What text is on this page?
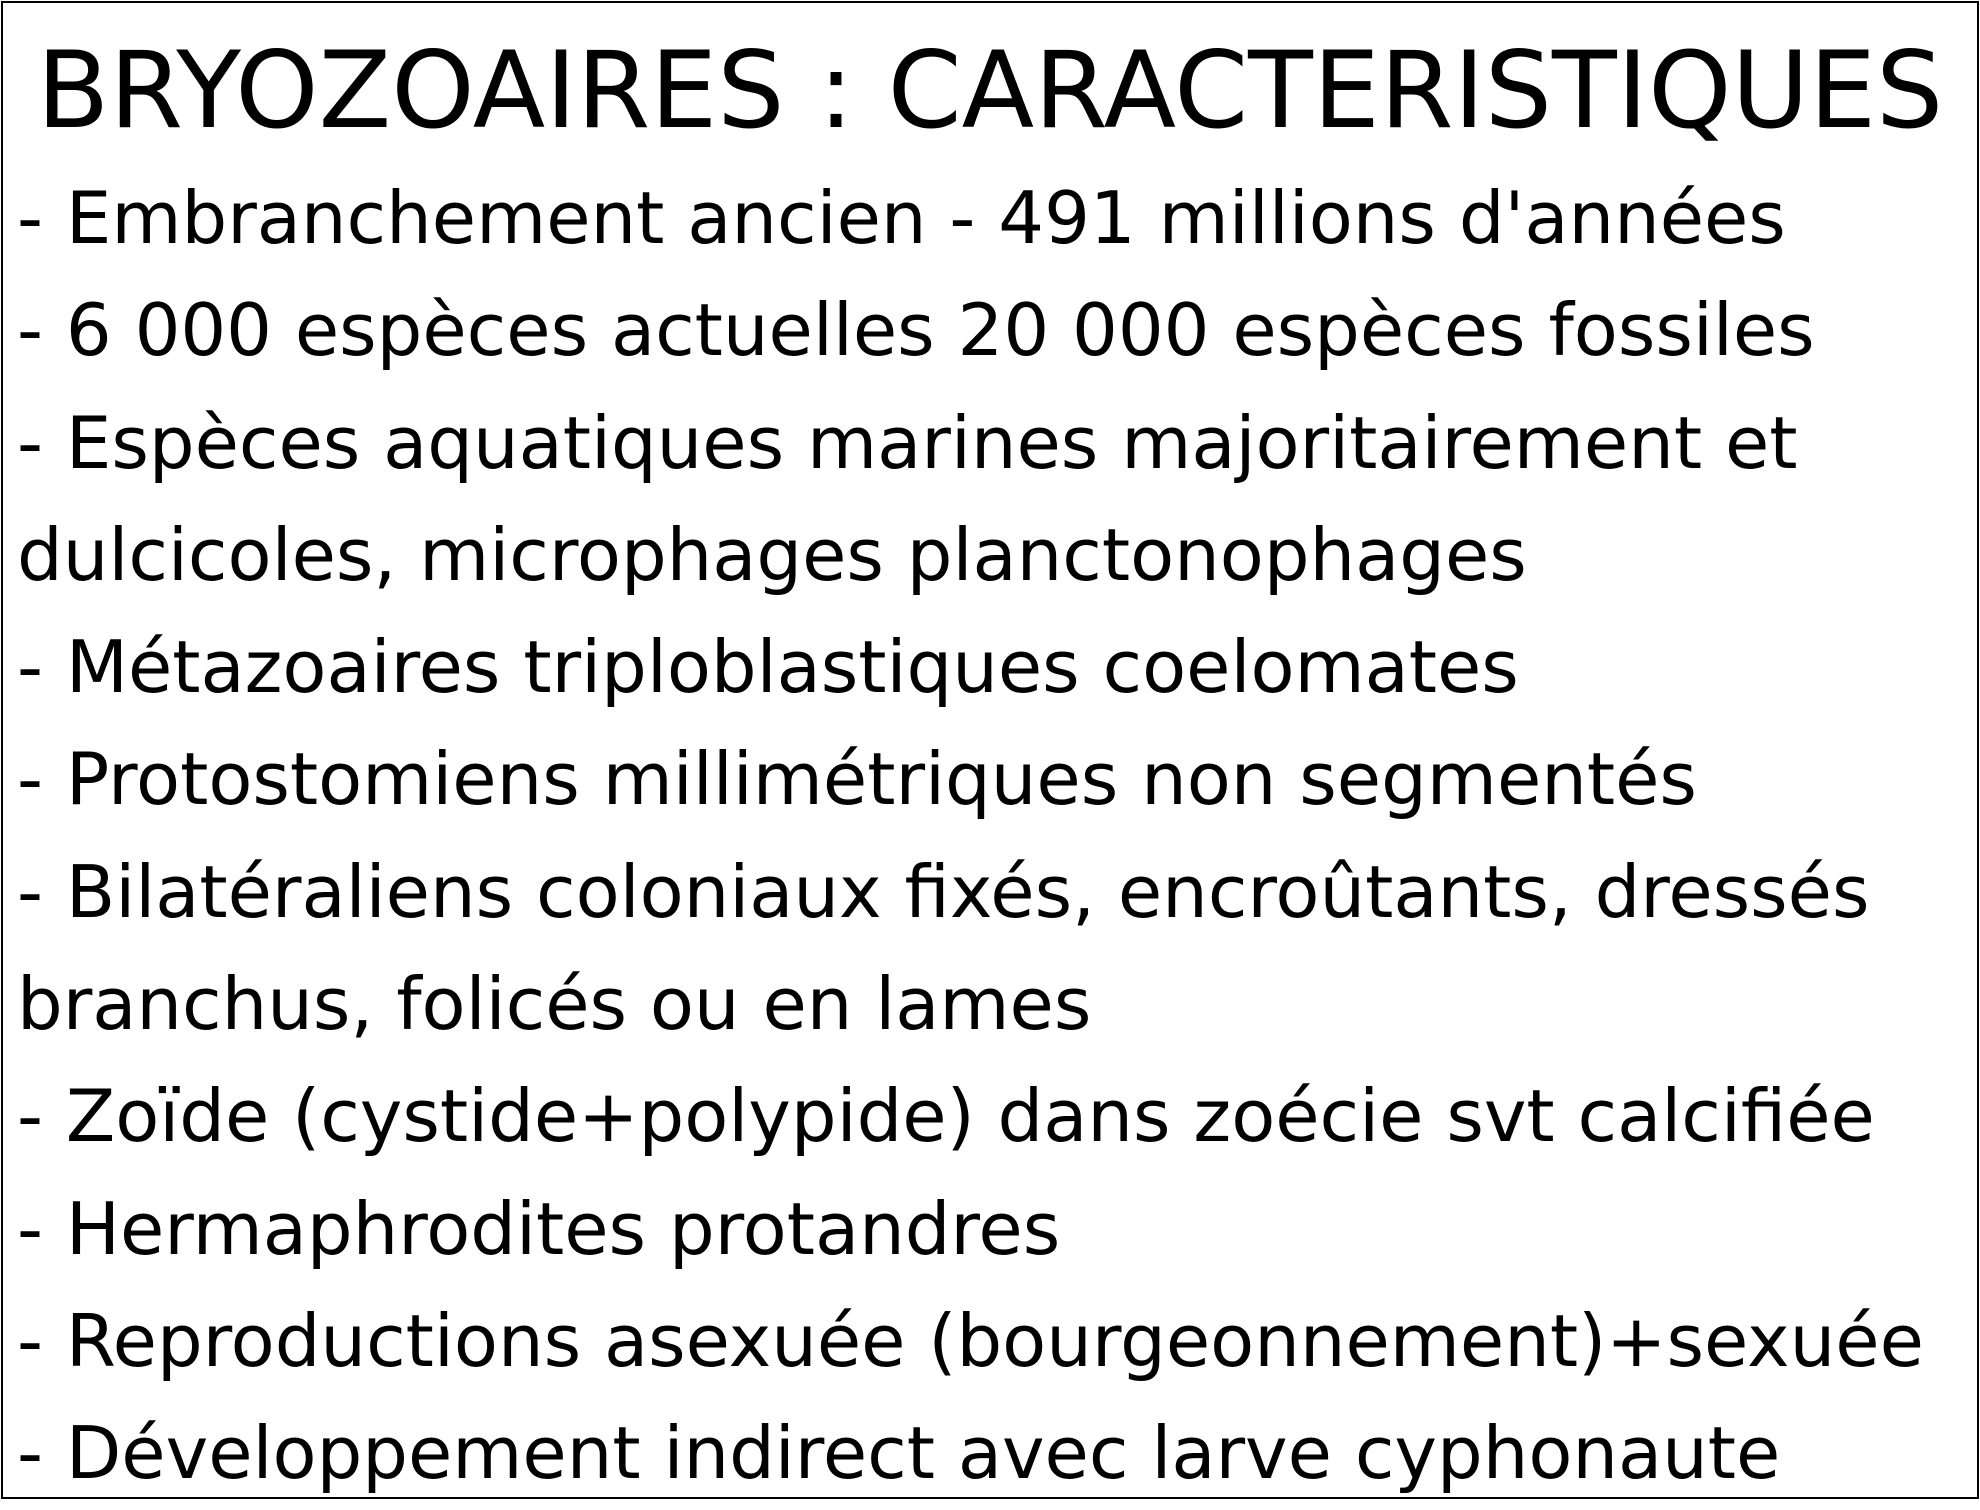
BRYOZOAIRES : CARACTERISTIQUES
- Embranchement ancien - 491 millions d'années
- 6 000 espèces actuelles 20 000 espèces fossiles
- Espèces aquatiques marines majoritairement et
dulcicoles, microphages planctonophages
- Métazoaires triploblastiques coelomates
- Protostomiens millimétriques non segmentés
- Bilatéraliens coloniaux fixés, encroûtants, dressés
branchus, folicés ou en lames
- Zoïde (cystide+polypide) dans zoécie svt calcifiée
- Hermaphrodites protandres
- Reproductions asexuée (bourgeonnement)+sexuée
- Développement indirect avec larve cyphonaute
